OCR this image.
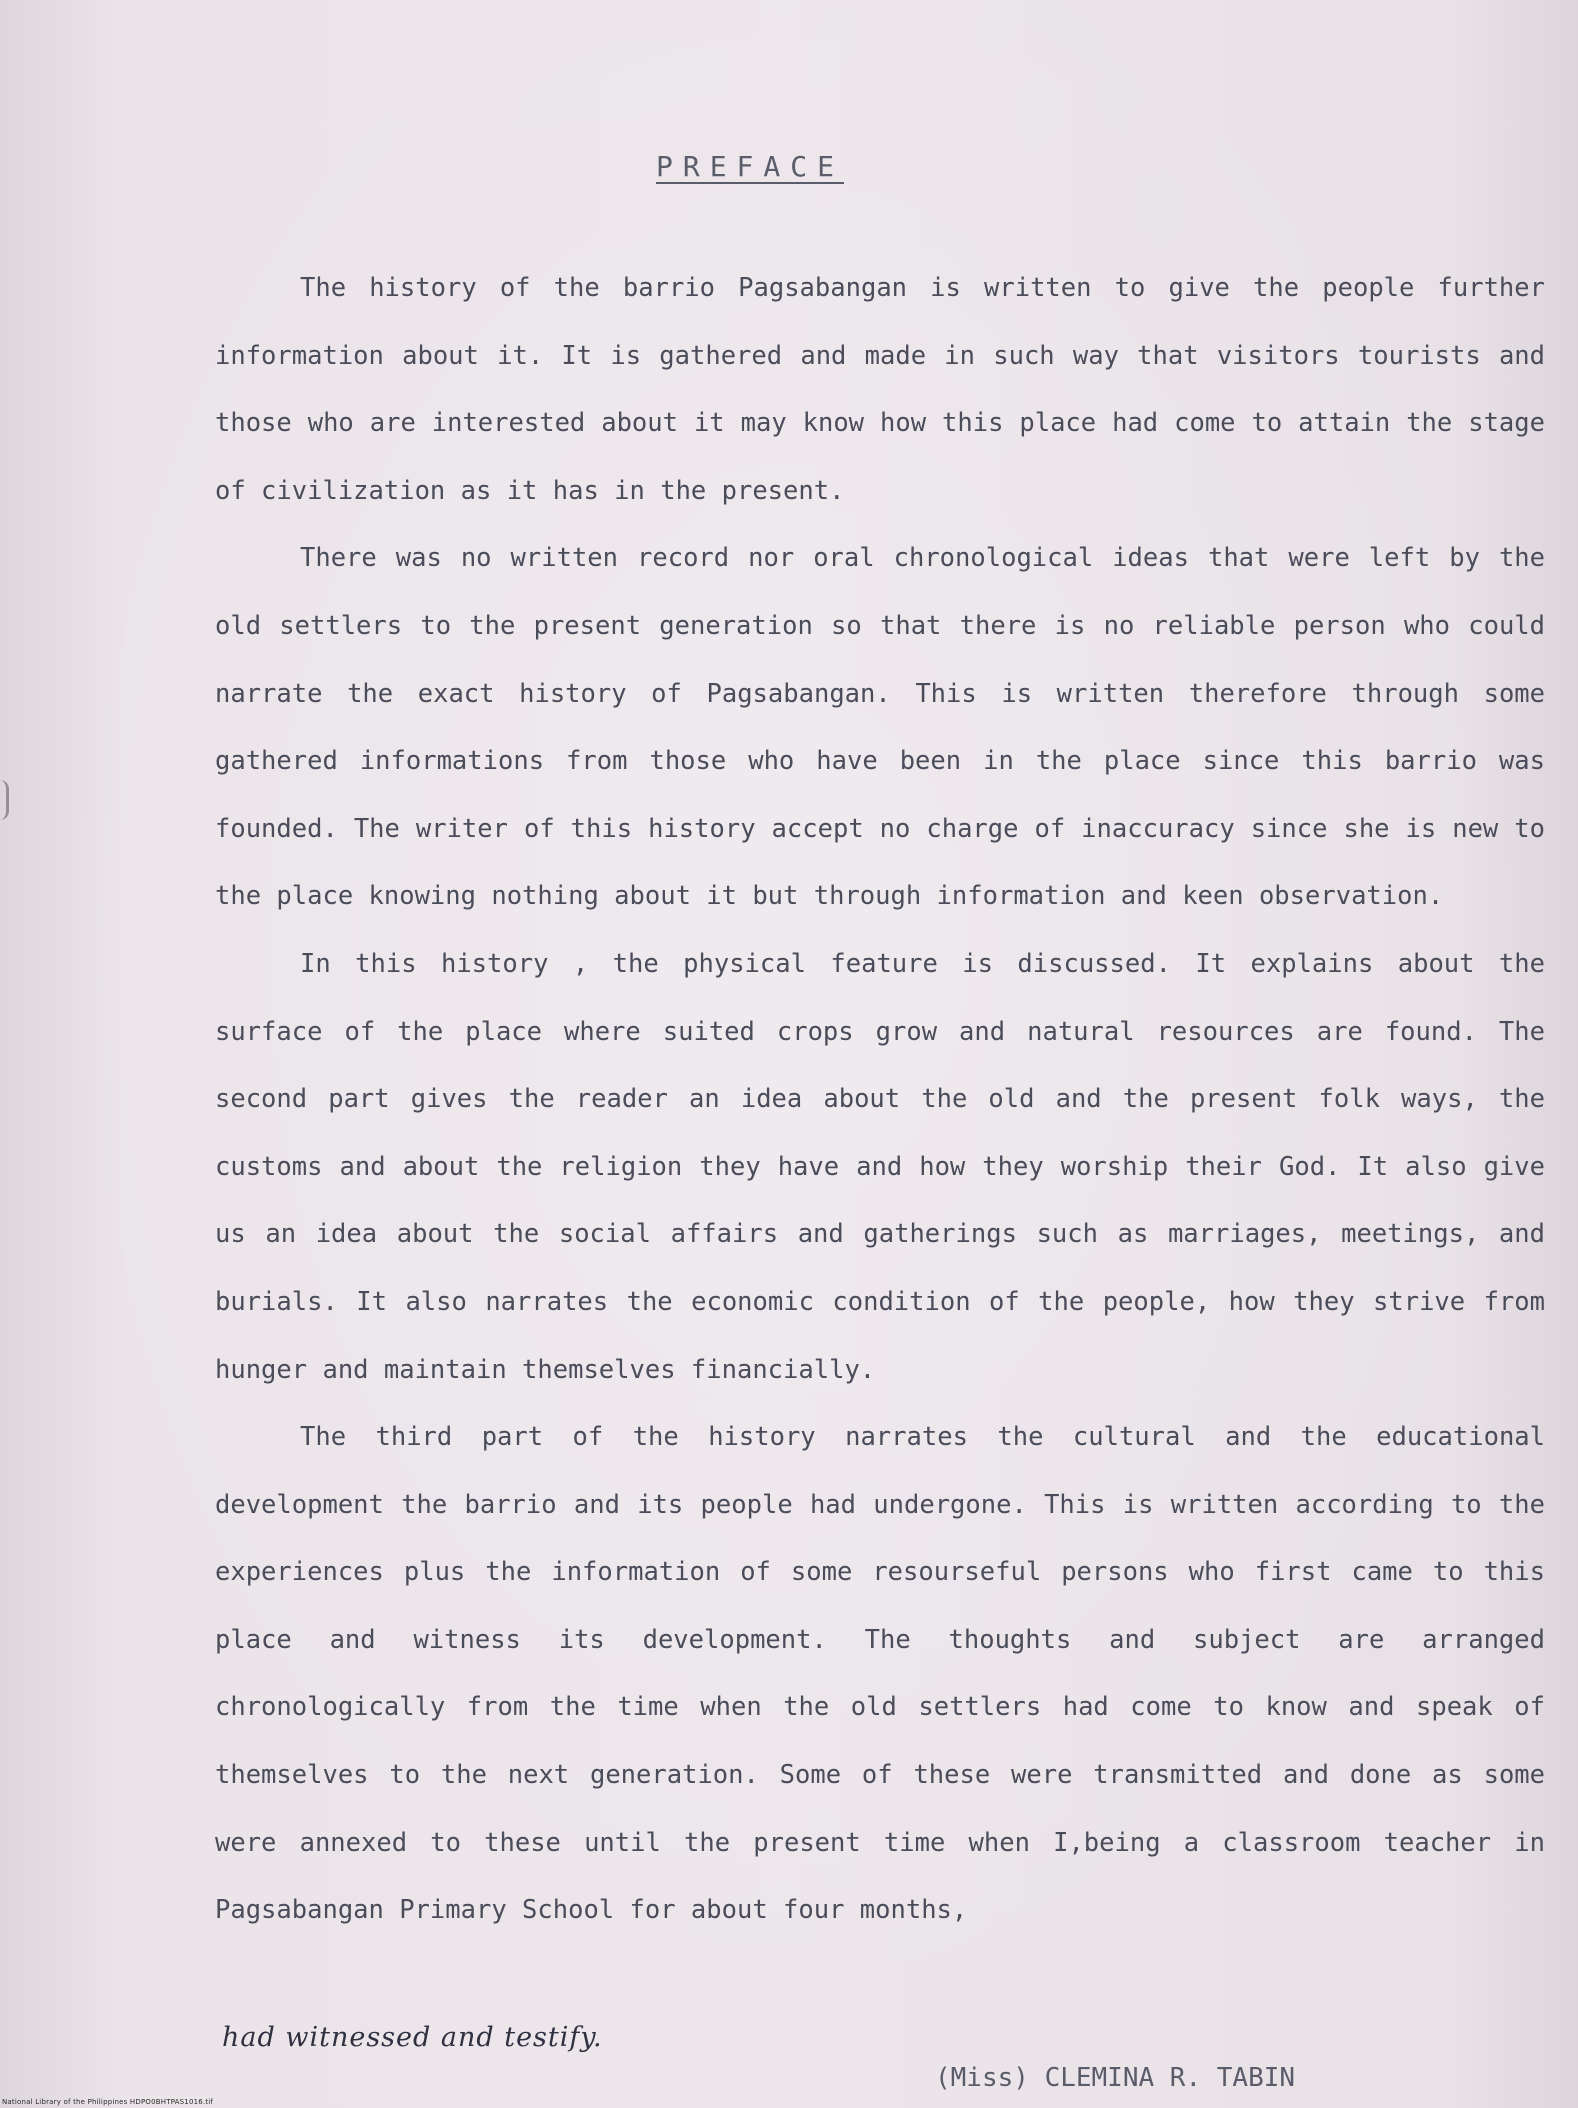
PREFACE

The history of the barrio Pagsabangan is written to give the people further information about it. It is gathered and made in such way that visitors tourists and those who are interested about it may know how this place had come to attain the stage of civilization as it has in the present.

There was no written record nor oral chronological ideas that were left by the old settlers to the present generation so that there is no reliable person who could narrate the exact history of Pagsabangan. This is written therefore through some gathered informations from those who have been in the place since this barrio was founded. The writer of this history accept no charge of inaccuracy since she is new to the place knowing nothing about it but through information and keen observation.

In this history , the physical feature is discussed. It explains about the surface of the place where suited crops grow and natural resources are found. The second part gives the reader an idea about the old and the present folk ways, the customs and about the religion they have and how they worship their God. It also give us an idea about the social affairs and gatherings such as marriages, meetings, and burials. It also narrates the economic condition of the people, how they strive from hunger and maintain themselves financially.

The third part of the history narrates the cultural and the educational development the barrio and its people had undergone. This is written according to the experiences plus the information of some resourseful persons who first came to this place and witness its development. The thoughts and subject are arranged chronologically from the time when the old settlers had come to know and speak of themselves to the next generation. Some of these were transmitted and done as some were annexed to these until the present time when I,being a classroom teacher in Pagsabangan Primary School for about four months,

had witnessed and testify.
(Miss) CLEMINA R. TABIN
National Library of the Philippines HDPO0BHTPAS1016.tif
